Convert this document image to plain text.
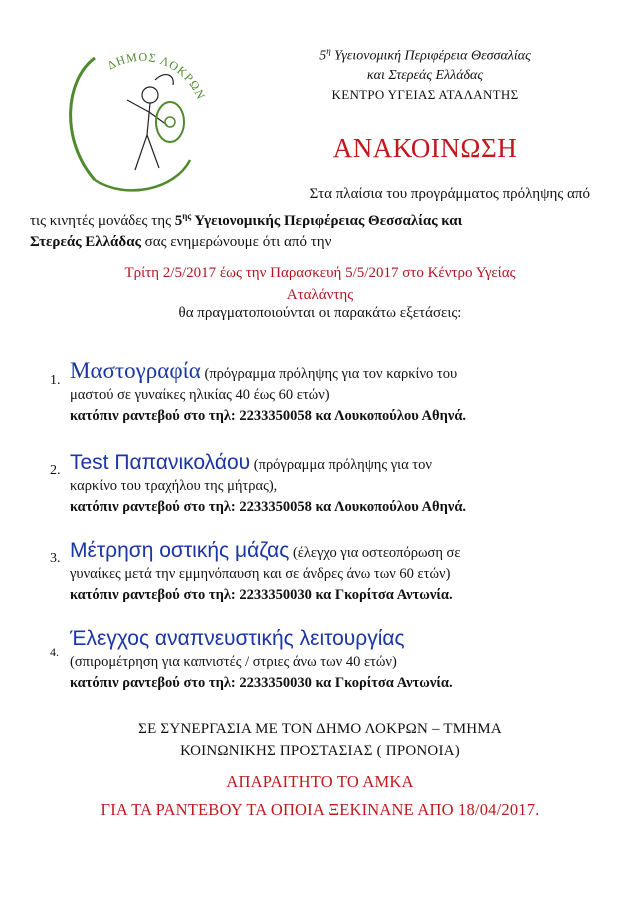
ΔΗΜΟΣ ΛΟΚΡΩΝ
$5^\eta$ Υγειονομική Περιφέρεια Θεσσαλίας
και Στερεάς Ελλάδας
ΚΕΝΤΡΟ ΥΓΕΙΑΣ ΑΤΑΛΑΝΤΗΣ
ΑΝΑΚΟΙΝΩΣΗ
Στα πλαίσια του προγράμματος πρόληψης από
τις κινητές μονάδες της $5^{\eta\varsigma}$ Υγειονομικής Περιφέρειας Θεσσαλίας και
Στερεάς Ελλάδας σας ενημερώνουμε ότι από την
Τρίτη 2/5/2017 έως την Παρασκευή 5/5/2017 στο Κέντρο Υγείας
Αταλάντης
θα πραγματοποιούνται οι παρακάτω εξετάσεις:
1. Μαστογραφία (πρόγραμμα πρόληψης για τον καρκίνο του
μαστού σε γυναίκες ηλικίας 40 έως 60 ετών)
κατόπιν ραντεβού στο τηλ: 2233350058 κα Λουκοπούλου Αθηνά.
2. Test Παπανικολάου (πρόγραμμα πρόληψης για τον
καρκίνο του τραχήλου της μήτρας),
κατόπιν ραντεβού στο τηλ: 2233350058 κα Λουκοπούλου Αθηνά.
3. Μέτρηση οστικής μάζας (έλεγχο για οστεοπόρωση σε
γυναίκες μετά την εμμηνόπαυση και σε άνδρες άνω των 60 ετών)
κατόπιν ραντεβού στο τηλ: 2233350030 κα Γκορίτσα Αντωνία.
4.
Έλεγχος αναπνευστικής λειτουργίας
(σπιρομέτρηση για καπνιστές / στριες άνω των 40 ετών)
κατόπιν ραντεβού στο τηλ: 2233350030 κα Γκορίτσα Αντωνία.
ΣΕ ΣΥΝΕΡΓΑΣΙΑ ΜΕ ΤΟΝ ΔΗΜΟ ΛΟΚΡΩΝ – ΤΜΗΜΑ
ΚΟΙΝΩΝΙΚΗΣ ΠΡΟΣΤΑΣΙΑΣ ( ΠΡΟΝΟΙΑ)
ΑΠΑΡΑΙΤΗΤΟ ΤΟ ΑΜΚΑ
ΓΙΑ ΤΑ ΡΑΝΤΕΒΟΥ ΤΑ ΟΠΟΙΑ ΞΕΚΙΝΑΝΕ ΑΠΟ 18/04/2017.
